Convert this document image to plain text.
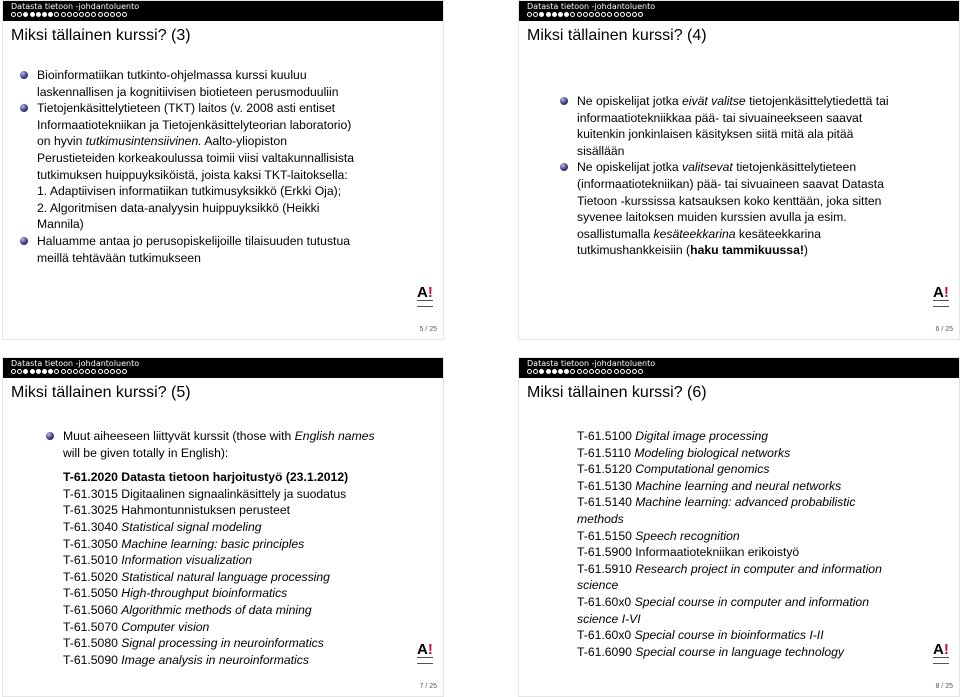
Datasta tietoon -johdantoluento
Miksi tällainen kurssi? (3)
Bioinformatiikan tutkinto-ohjelmassa kurssi kuuluu
laskennallisen ja kognitiivisen biotieteen perusmoduuliin
Tietojenkäsittelytieteen (TKT) laitos (v. 2008 asti entiset
Informaatiotekniikan ja Tietojenkäsittelyteorian laboratorio)
on hyvin tutkimusintensiivinen. Aalto-yliopiston
Perustieteiden korkeakoulussa toimii viisi valtakunnallisista
tutkimuksen huippuyksiköistä, joista kaksi TKT-laitoksella:
1. Adaptiivisen informatiikan tutkimusyksikkö (Erkki Oja);
2. Algoritmisen data-analyysin huippuyksikkö (Heikki
Mannila)
Haluamme antaa jo perusopiskelijoille tilaisuuden tutustua
meillä tehtävään tutkimukseen
A!
5 / 25
Datasta tietoon -johdantoluento
Miksi tällainen kurssi? (4)
Ne opiskelijat jotka eivät valitse tietojenkäsittelytiedettä tai
informaatiotekniikkaa pää- tai sivuaineekseen saavat
kuitenkin jonkinlaisen käsityksen siitä mitä ala pitää
sisällään
Ne opiskelijat jotka valitsevat tietojenkäsittelytieteen
(informaatiotekniikan) pää- tai sivuaineen saavat Datasta
Tietoon -kurssissa katsauksen koko kenttään, joka sitten
syvenee laitoksen muiden kurssien avulla ja esim.
osallistumalla kesäteekkarina kesäteekkarina
tutkimushankkeisiin (haku tammikuussa!)
A!
6 / 25
Datasta tietoon -johdantoluento
Miksi tällainen kurssi? (5)
Muut aiheeseen liittyvät kurssit (those with English names
will be given totally in English):
T-61.2020 Datasta tietoon harjoitustyö (23.1.2012)
T-61.3015 Digitaalinen signaalinkäsittely ja suodatus
T-61.3025 Hahmontunnistuksen perusteet
T-61.3040 Statistical signal modeling
T-61.3050 Machine learning: basic principles
T-61.5010 Information visualization
T-61.5020 Statistical natural language processing
T-61.5050 High-throughput bioinformatics
T-61.5060 Algorithmic methods of data mining
T-61.5070 Computer vision
T-61.5080 Signal processing in neuroinformatics
T-61.5090 Image analysis in neuroinformatics
A!
7 / 25
Datasta tietoon -johdantoluento
Miksi tällainen kurssi? (6)
T-61.5100 Digital image processing
T-61.5110 Modeling biological networks
T-61.5120 Computational genomics
T-61.5130 Machine learning and neural networks
T-61.5140 Machine learning: advanced probabilistic
methods
T-61.5150 Speech recognition
T-61.5900 Informaatiotekniikan erikoistyö
T-61.5910 Research project in computer and information
science
T-61.60x0 Special course in computer and information
science I-VI
T-61.60x0 Special course in bioinformatics I-II
T-61.6090 Special course in language technology	A!
8 / 25
